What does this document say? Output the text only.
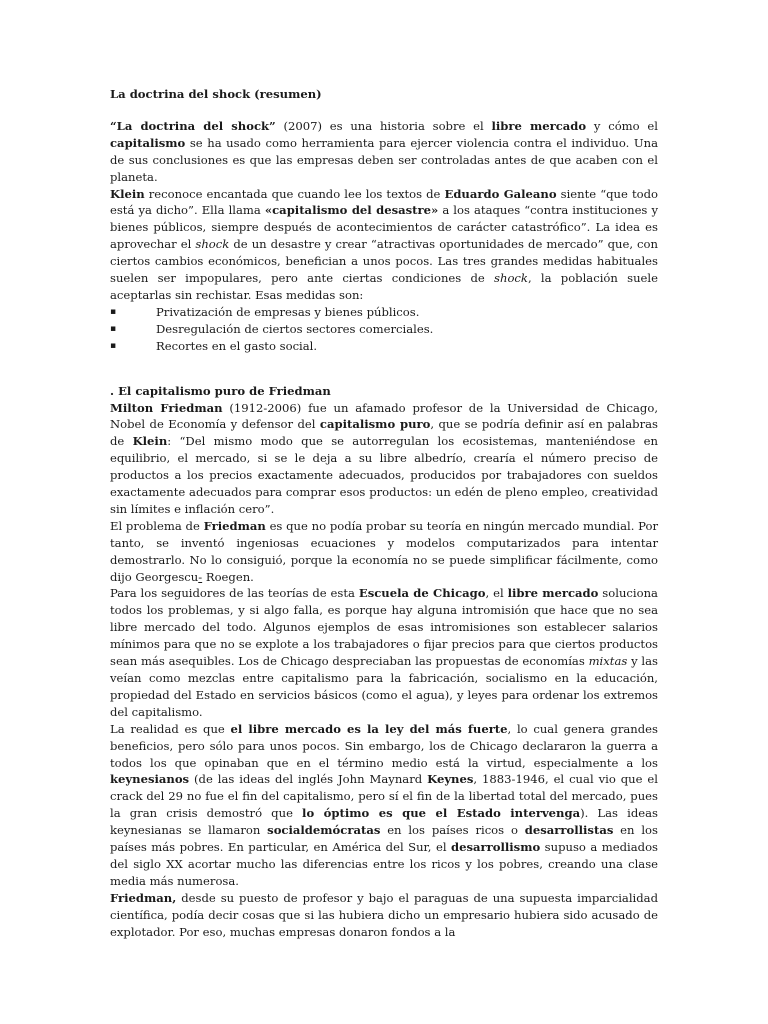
La doctrina del shock (resumen)

“La doctrina del shock” (2007) es una historia sobre el libre mercado y cómo el capitalismo se ha usado como herramienta para ejercer violencia contra el individuo. Una de sus conclusiones es que las empresas deben ser controladas antes de que acaben con el planeta.

Klein reconoce encantada que cuando lee los textos de Eduardo Galeano siente “que todo está ya dicho”. Ella llama «capitalismo del desastre» a los ataques “contra instituciones y bienes públicos, siempre después de acontecimientos de carácter catastrófico”. La idea es aprovechar el shock de un desastre y crear “atractivas oportunidades de mercado” que, con ciertos cambios económicos, benefician a unos pocos. Las tres grandes medidas habituales suelen ser impopulares, pero ante ciertas condiciones de shock, la población suele aceptarlas sin rechistar. Esas medidas son:

▪	Privatización de empresas y bienes públicos.
▪	Desregulación de ciertos sectores comerciales.
▪	Recortes en el gasto social.

. El capitalismo puro de Friedman

Milton Friedman (1912-2006) fue un afamado profesor de la Universidad de Chicago, Nobel de Economía y defensor del capitalismo puro, que se podría definir así en palabras de Klein: “Del mismo modo que se autorregulan los ecosistemas, manteniéndose en equilibrio, el mercado, si se le deja a su libre albedrío, crearía el número preciso de productos a los precios exactamente adecuados, producidos por trabajadores con sueldos exactamente adecuados para comprar esos productos: un edén de pleno empleo, creatividad sin límites e inflación cero”.

El problema de Friedman es que no podía probar su teoría en ningún mercado mundial. Por tanto, se inventó ingeniosas ecuaciones y modelos computarizados para intentar demostrarlo. No lo consiguió, porque la economía no se puede simplificar fácilmente, como dijo Georgescu- Roegen.

Para los seguidores de las teorías de esta Escuela de Chicago, el libre mercado soluciona todos los problemas, y si algo falla, es porque hay alguna intromisión que hace que no sea libre mercado del todo. Algunos ejemplos de esas intromisiones son establecer salarios mínimos para que no se explote a los trabajadores o fijar precios para que ciertos productos sean más asequibles. Los de Chicago despreciaban las propuestas de economías mixtas y las veían como mezclas entre capitalismo para la fabricación, socialismo en la educación, propiedad del Estado en servicios básicos (como el agua), y leyes para ordenar los extremos del capitalismo.

La realidad es que el libre mercado es la ley del más fuerte, lo cual genera grandes beneficios, pero sólo para unos pocos. Sin embargo, los de Chicago declararon la guerra a todos los que opinaban que en el término medio está la virtud, especialmente a los keynesianos (de las ideas del inglés John Maynard Keynes, 1883-1946, el cual vio que el crack del 29 no fue el fin del capitalismo, pero sí el fin de la libertad total del mercado, pues la gran crisis demostró que lo óptimo es que el Estado intervenga). Las ideas keynesianas se llamaron socialdemócratas en los países ricos o desarrollistas en los países más pobres. En particular, en América del Sur, el desarrollismo supuso a mediados del siglo XX acortar mucho las diferencias entre los ricos y los pobres, creando una clase media más numerosa.

Friedman, desde su puesto de profesor y bajo el paraguas de una supuesta imparcialidad científica, podía decir cosas que si las hubiera dicho un empresario hubiera sido acusado de explotador. Por eso, muchas empresas donaron fondos a la
